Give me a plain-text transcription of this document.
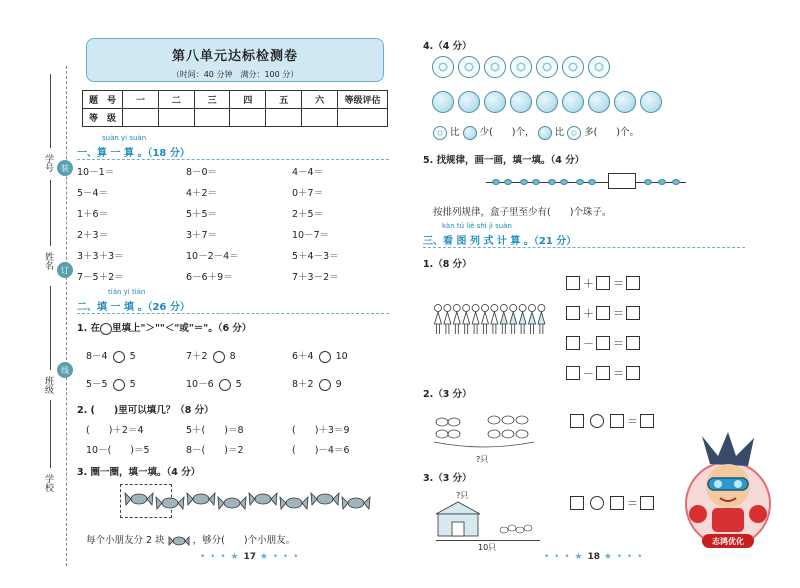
学号
姓名
班级
学校
装
订
线
第八单元达标检测卷
（时间：40 分钟　满分：100 分）
题　号	一	二	三	四	五	六	等级评估
等　级							
suàn yi suàn
一、算 一 算 。（18 分）
10－1＝	8－0＝	4－4＝
5－4＝	4＋2＝	0＋7＝
1＋6＝	5＋5＝	2＋5＝
2＋3＝	3＋7＝	10－7＝
3＋3＋3＝	10－2－4＝	5＋4－3＝
7－5＋2＝	6－6＋9＝	7＋3－2＝
tián yi tián
二、填 一 填 。（26 分）
1. 在 里填上"＞""＜"或"＝"。（6 分）
8－4 5	7＋2 8	6＋4 10
5－5 5	10－6 5	8＋2 9
2. (　　)里可以填几？（8 分）
(　　)＋2＝4	5＋(　　)＝8	(　　)＋3＝9
10－(　　)＝5	8－(　　)＝2	(　　)－4＝6
3. 圈一圈，填一填。（4 分）
每个小朋友分 2 块	，够分(　　)个小朋友。
• • • ★ 17 ★ • • •
4.（4 分）
比  少(　　)个，  比  多(　　)个。
5. 找规律，画一画，填一填。（4 分）
按排列规律，盒子里至少有(　　)个珠子。
kàn tú liè shì jì suàn
三、看 图 列 式 计 算 。（21 分）
1.（8 分）
＋ ＝
＋ ＝
－ ＝
－ ＝
2.（3 分）
?只
＝
3.（3 分）
?只
10只
＝
• • • ★ 18 ★ • • •
志鸿优化
